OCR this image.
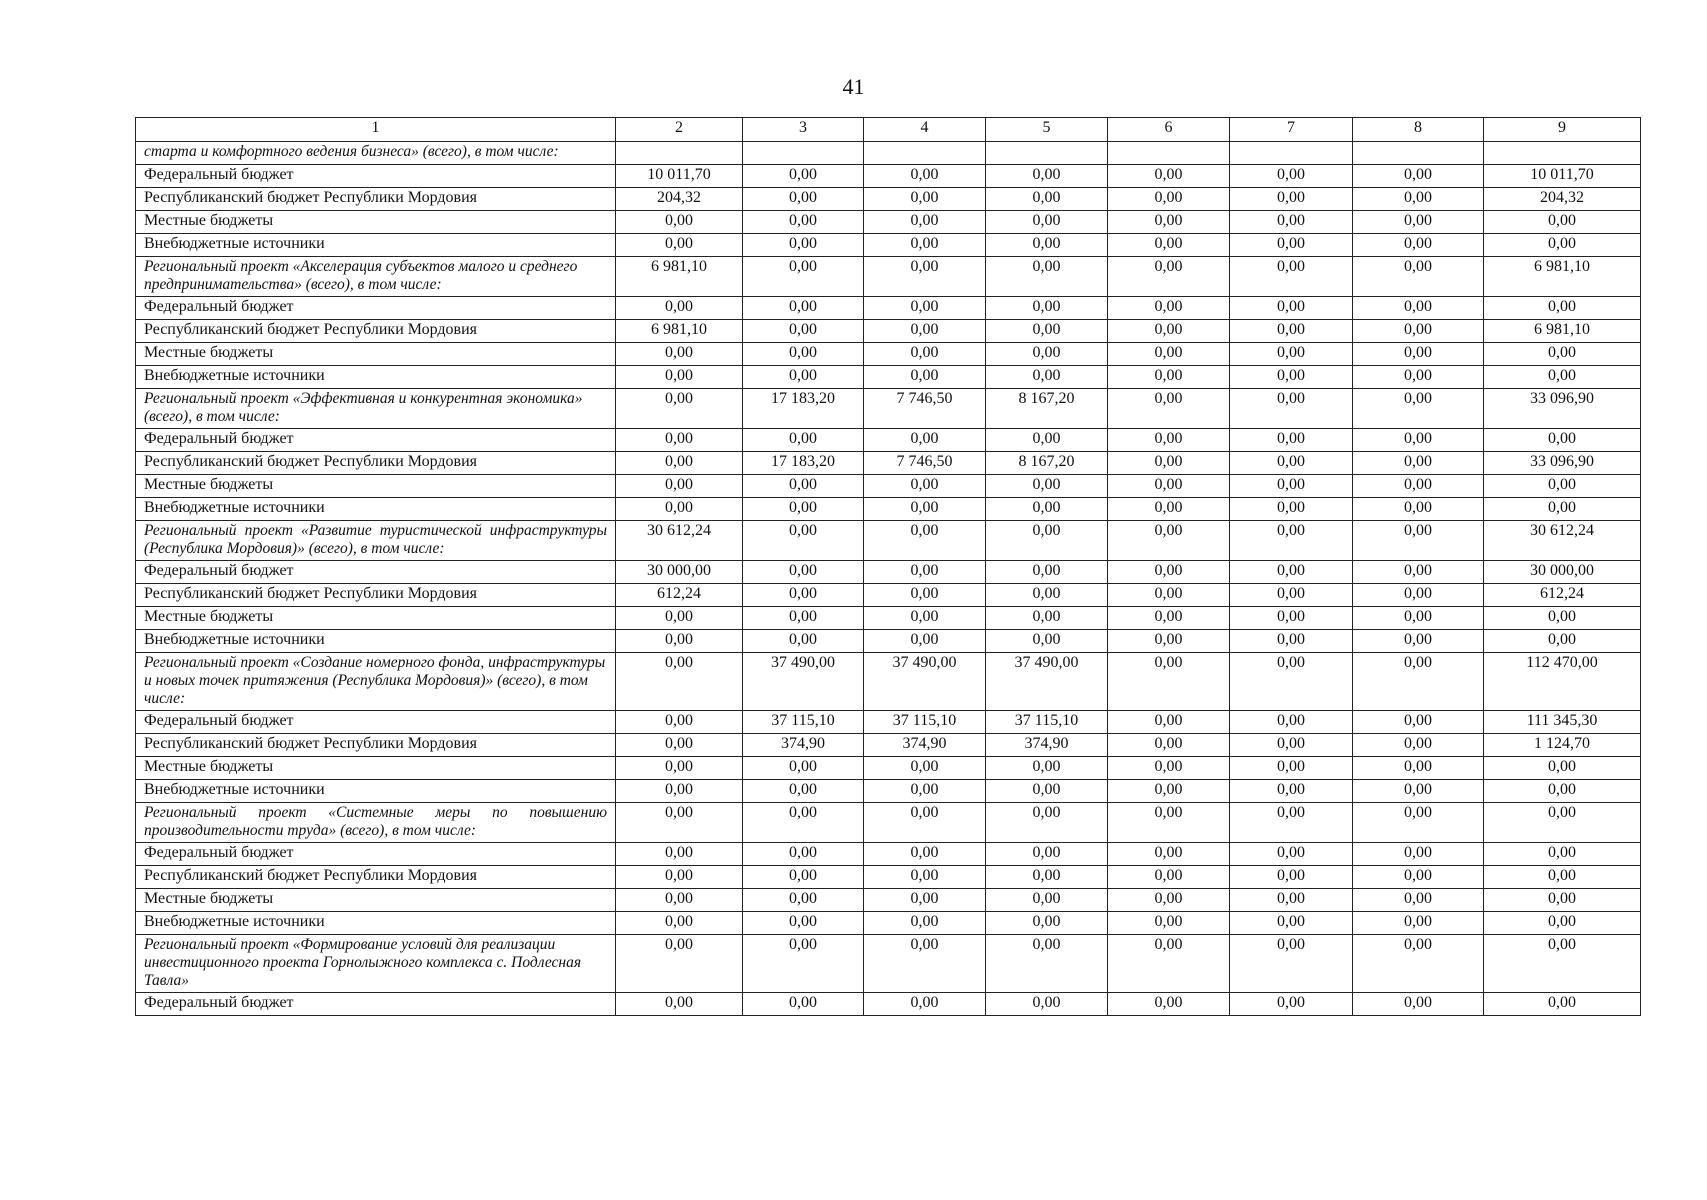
41
1	2	3	4	5	6	7	8	9
старта и комфортного ведения бизнеса» (всего), в том числе:								
Федеральный бюджет	10 011,70	0,00	0,00	0,00	0,00	0,00	0,00	10 011,70
Республиканский бюджет Республики Мордовия	204,32	0,00	0,00	0,00	0,00	0,00	0,00	204,32
Местные бюджеты	0,00	0,00	0,00	0,00	0,00	0,00	0,00	0,00
Внебюджетные источники	0,00	0,00	0,00	0,00	0,00	0,00	0,00	0,00
Региональный проект «Акселерация субъектов малого и среднего предпринимательства» (всего), в том числе:	6 981,10	0,00	0,00	0,00	0,00	0,00	0,00	6 981,10
Федеральный бюджет	0,00	0,00	0,00	0,00	0,00	0,00	0,00	0,00
Республиканский бюджет Республики Мордовия	6 981,10	0,00	0,00	0,00	0,00	0,00	0,00	6 981,10
Местные бюджеты	0,00	0,00	0,00	0,00	0,00	0,00	0,00	0,00
Внебюджетные источники	0,00	0,00	0,00	0,00	0,00	0,00	0,00	0,00
Региональный проект «Эффективная и конкурентная экономика» (всего), в том числе:	0,00	17 183,20	7 746,50	8 167,20	0,00	0,00	0,00	33 096,90
Федеральный бюджет	0,00	0,00	0,00	0,00	0,00	0,00	0,00	0,00
Республиканский бюджет Республики Мордовия	0,00	17 183,20	7 746,50	8 167,20	0,00	0,00	0,00	33 096,90
Местные бюджеты	0,00	0,00	0,00	0,00	0,00	0,00	0,00	0,00
Внебюджетные источники	0,00	0,00	0,00	0,00	0,00	0,00	0,00	0,00
Региональный проект «Развитие туристической инфраструктуры (Республика Мордовия)» (всего), в том числе:	30 612,24	0,00	0,00	0,00	0,00	0,00	0,00	30 612,24
Федеральный бюджет	30 000,00	0,00	0,00	0,00	0,00	0,00	0,00	30 000,00
Республиканский бюджет Республики Мордовия	612,24	0,00	0,00	0,00	0,00	0,00	0,00	612,24
Местные бюджеты	0,00	0,00	0,00	0,00	0,00	0,00	0,00	0,00
Внебюджетные источники	0,00	0,00	0,00	0,00	0,00	0,00	0,00	0,00
Региональный проект «Создание номерного фонда, инфраструктуры и новых точек притяжения (Республика Мордовия)» (всего), в том числе:	0,00	37 490,00	37 490,00	37 490,00	0,00	0,00	0,00	112 470,00
Федеральный бюджет	0,00	37 115,10	37 115,10	37 115,10	0,00	0,00	0,00	111 345,30
Республиканский бюджет Республики Мордовия	0,00	374,90	374,90	374,90	0,00	0,00	0,00	1 124,70
Местные бюджеты	0,00	0,00	0,00	0,00	0,00	0,00	0,00	0,00
Внебюджетные источники	0,00	0,00	0,00	0,00	0,00	0,00	0,00	0,00
Региональный проект «Системные меры по повышению производительности труда» (всего), в том числе:	0,00	0,00	0,00	0,00	0,00	0,00	0,00	0,00
Федеральный бюджет	0,00	0,00	0,00	0,00	0,00	0,00	0,00	0,00
Республиканский бюджет Республики Мордовия	0,00	0,00	0,00	0,00	0,00	0,00	0,00	0,00
Местные бюджеты	0,00	0,00	0,00	0,00	0,00	0,00	0,00	0,00
Внебюджетные источники	0,00	0,00	0,00	0,00	0,00	0,00	0,00	0,00
Региональный проект «Формирование условий для реализации инвестиционного проекта Горнолыжного комплекса с. Подлесная Тавла»	0,00	0,00	0,00	0,00	0,00	0,00	0,00	0,00
Федеральный бюджет	0,00	0,00	0,00	0,00	0,00	0,00	0,00	0,00
